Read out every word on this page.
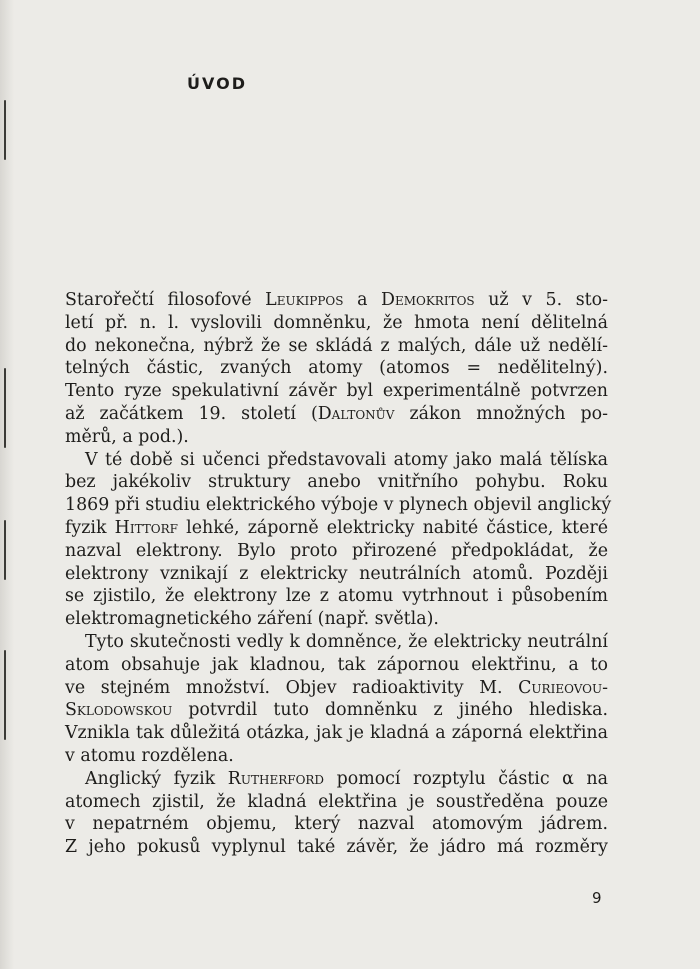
ÚVOD
Starořečtí filosofové Leukippos a Demokritos už v 5. sto-
letí př. n. l. vyslovili domněnku, že hmota není dělitelná
do nekonečna, nýbrž že se skládá z malých, dále už nedělí-
telných částic, zvaných atomy (atomos = nedělitelný).
Tento ryze spekulativní závěr byl experimentálně potvrzen
až začátkem 19. století (Daltonův zákon množných po-
měrů, a pod.).
V té době si učenci představovali atomy jako malá tělíska
bez jakékoliv struktury anebo vnitřního pohybu. Roku
1869 při studiu elektrického výboje v plynech objevil anglický
fyzik Hittorf lehké, záporně elektricky nabité částice, které
nazval elektrony. Bylo proto přirozené předpokládat, že
elektrony vznikají z elektricky neutrálních atomů. Později
se zjistilo, že elektrony lze z atomu vytrhnout i působením
elektromagnetického záření (např. světla).
Tyto skutečnosti vedly k domněnce, že elektricky neutrální
atom obsahuje jak kladnou, tak zápornou elektřinu, a to
ve stejném množství. Objev radioaktivity M. Curieovou-
Sklodowskou potvrdil tuto domněnku z jiného hlediska.
Vznikla tak důležitá otázka, jak je kladná a záporná elektřina
v atomu rozdělena.
Anglický fyzik Rutherford pomocí rozptylu částic α na
atomech zjistil, že kladná elektřina je soustředěna pouze
v nepatrném objemu, který nazval atomovým jádrem.
Z jeho pokusů vyplynul také závěr, že jádro má rozměry
9
